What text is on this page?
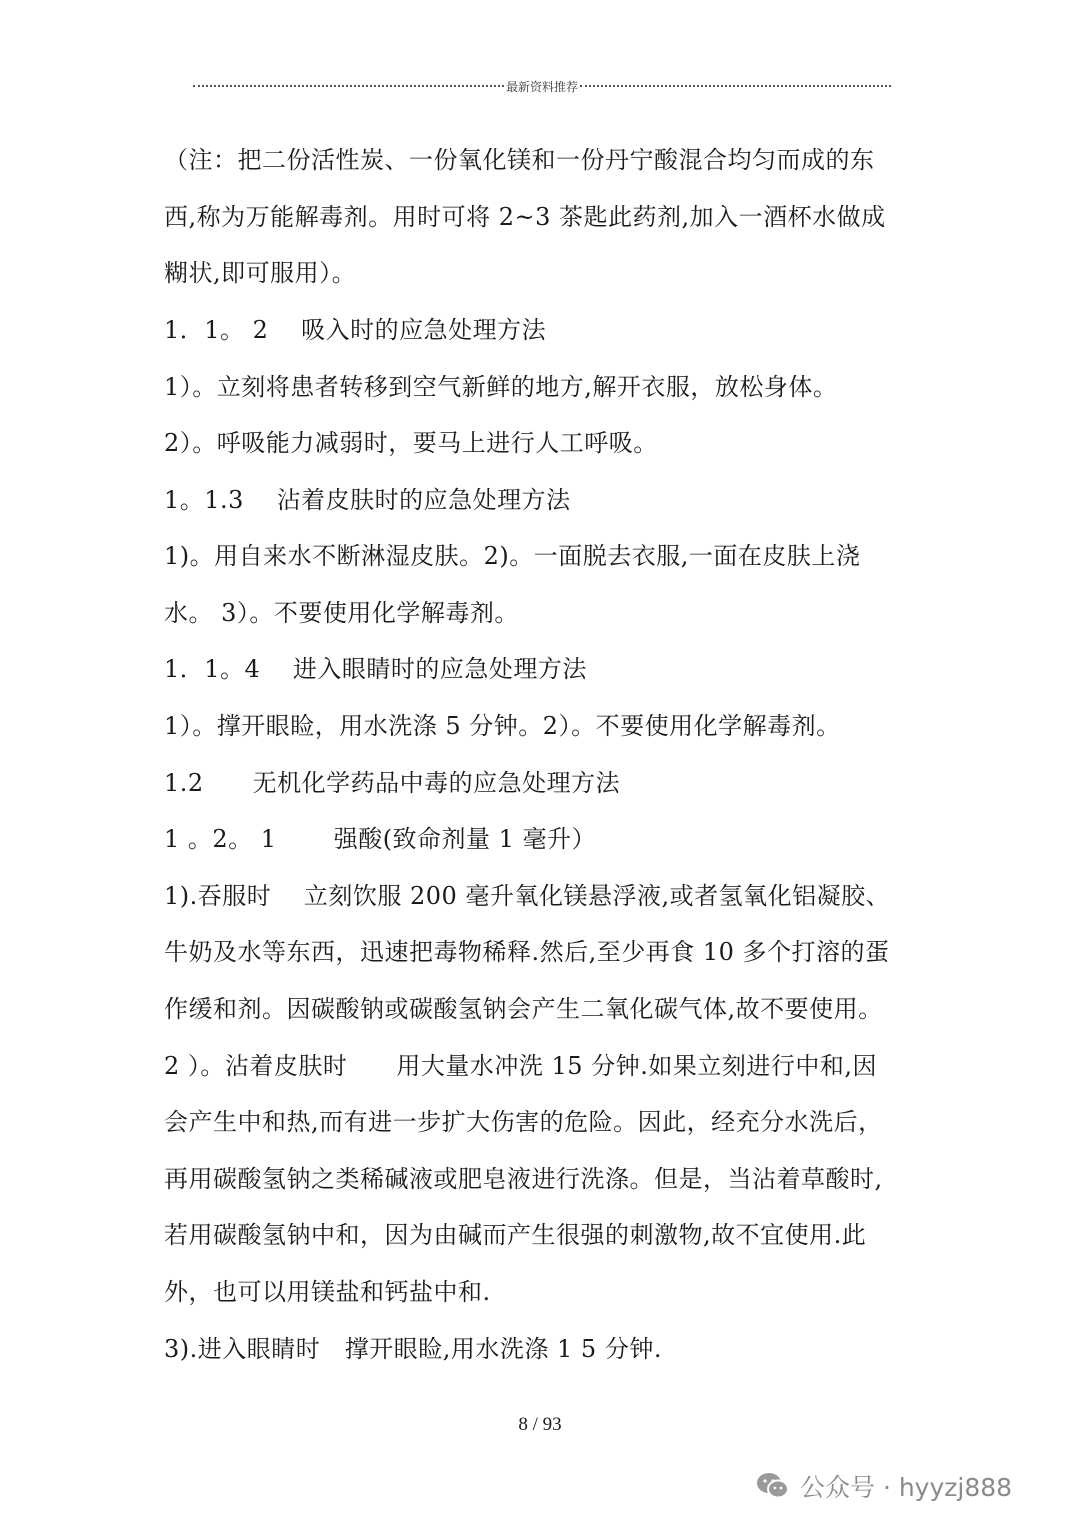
最新资料推荐
（注：把二份活性炭、一份氧化镁和一份丹宁酸混合均匀而成的东
西,称为万能解毒剂。用时可将 2~3 茶匙此药剂,加入一酒杯水做成
糊状,即可服用）。
1．1。 2　 吸入时的应急处理方法
1）。立刻将患者转移到空气新鲜的地方,解开衣服，放松身体。
2）。呼吸能力减弱时，要马上进行人工呼吸。
1。1.3　 沾着皮肤时的应急处理方法
1)。用自来水不断淋湿皮肤。2)。一面脱去衣服,一面在皮肤上浇
水。 3）。不要使用化学解毒剂。
1．1。4　 进入眼睛时的应急处理方法
1）。撑开眼睑，用水洗涤 5 分钟。2）。不要使用化学解毒剂。
1.2　　无机化学药品中毒的应急处理方法
1 。2。 1　　 强酸(致命剂量 1 毫升）
1).吞服时　 立刻饮服 200 毫升氧化镁悬浮液,或者氢氧化铝凝胶、
牛奶及水等东西，迅速把毒物稀释.然后,至少再食 10 多个打溶的蛋
作缓和剂。因碳酸钠或碳酸氢钠会产生二氧化碳气体,故不要使用。
2 ）。沾着皮肤时　　用大量水冲洗 15 分钟.如果立刻进行中和,因
会产生中和热,而有进一步扩大伤害的危险。因此，经充分水洗后，
再用碳酸氢钠之类稀碱液或肥皂液进行洗涤。但是，当沾着草酸时,
若用碳酸氢钠中和，因为由碱而产生很强的刺激物,故不宜使用.此
外，也可以用镁盐和钙盐中和.
3).进入眼睛时　撑开眼睑,用水洗涤 1 5 分钟.
8 / 93
公众号 · hyyzj888
